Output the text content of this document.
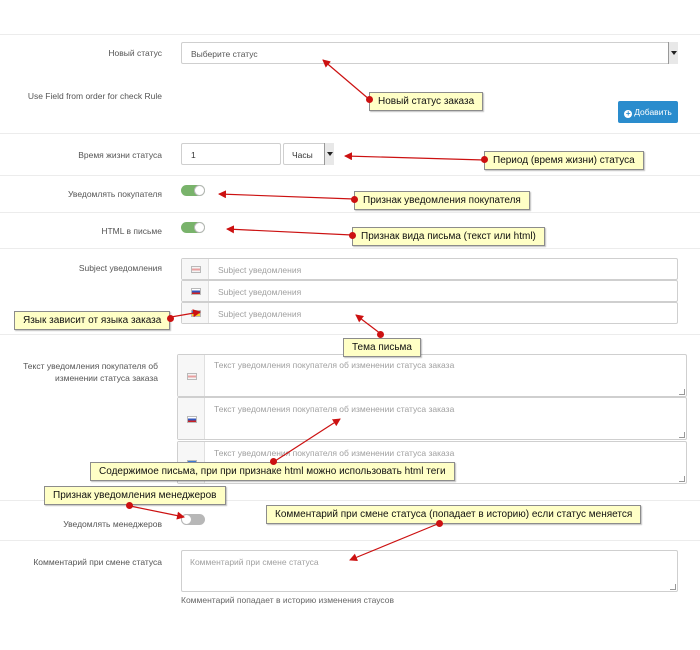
Новый статус	Выберите статус
Use Field from order for check Rule
+ Добавить
Время жизни статуса	1	Часы
Уведомлять покупателя
HTML в письме
Subject уведомления	Subject уведомления
Subject уведомления
Subject уведомления
Текст уведомления покупателя об
изменении статуса заказа
Текст уведомления покупателя об изменении статуса заказа
Текст уведомления покупателя об изменении статуса заказа
Текст уведомления покупателя об изменении статуса заказа
Уведомлять менеджеров
Комментарий при смене статуса	Комментарий при смене статуса
Комментарий попадает в историю изменения стаусов
Новый статус заказа
Период (время жизни) статуса
Признак уведомления покупателя
Признак вида письма (текст или html)
Язык зависит от языка заказа
Тема письма
Содержимое письма, при при признаке html можно использовать html теги
Признак уведомления менеджеров
Комментарий при смене статуса (попадает в историю) если статус меняется
